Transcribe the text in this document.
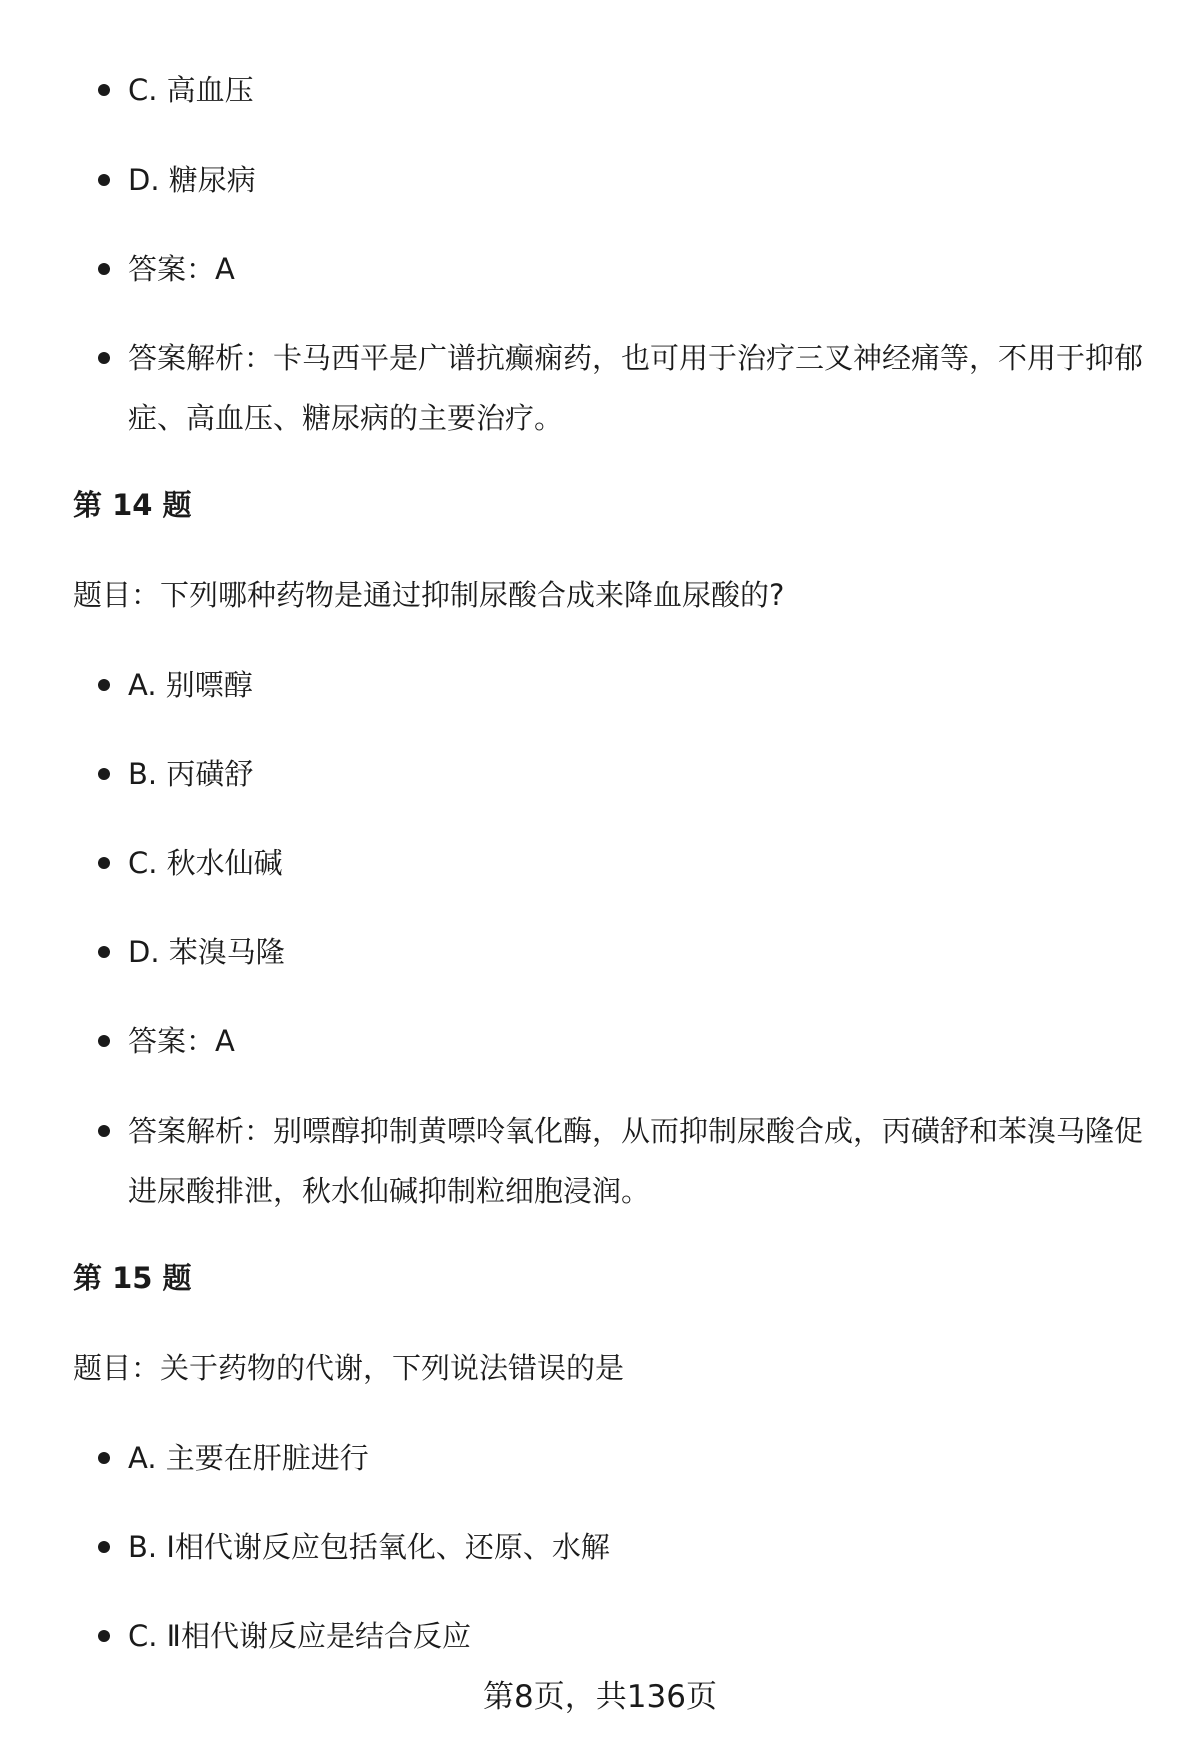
C. 高血压
D. 糖尿病
答案：A
答案解析：卡马西平是广谱抗癫痫药，也可用于治疗三叉神经痛等，不用于抑郁症、高血压、糖尿病的主要治疗。
第 14 题
题目：下列哪种药物是通过抑制尿酸合成来降血尿酸的?
A. 别嘌醇
B. 丙磺舒
C. 秋水仙碱
D. 苯溴马隆
答案：A
答案解析：别嘌醇抑制黄嘌呤氧化酶，从而抑制尿酸合成，丙磺舒和苯溴马隆促进尿酸排泄，秋水仙碱抑制粒细胞浸润。
第 15 题
题目：关于药物的代谢，下列说法错误的是
A. 主要在肝脏进行
B. Ⅰ相代谢反应包括氧化、还原、水解
C. Ⅱ相代谢反应是结合反应
第8页，共136页
